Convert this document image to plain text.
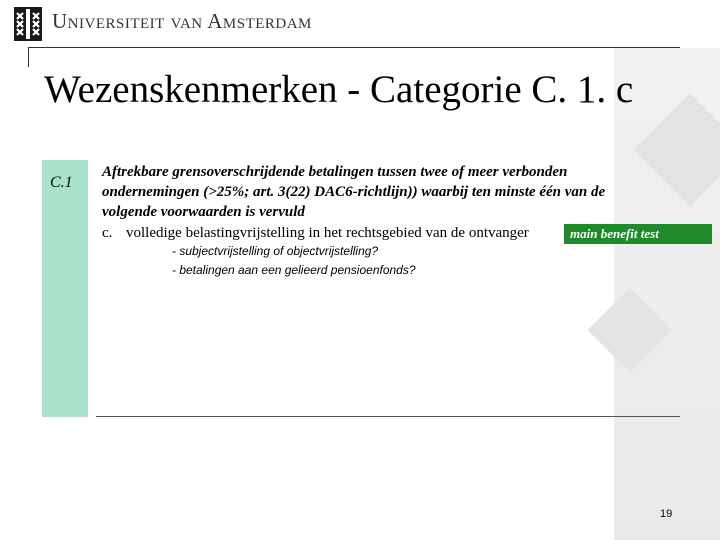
Universiteit van Amsterdam
Wezenskenmerken - Categorie C. 1. c
C.1
Aftrekbare grensoverschrijdende betalingen tussen twee of meer verbonden ondernemingen (>25%; art. 3(22) DAC6-richtlijn)) waarbij ten minste één van de volgende voorwaarden is vervuld
c. volledige belastingvrijstelling in het rechtsgebied van de ontvanger	main benefit test
- subjectvrijstelling of objectvrijstelling?
- betalingen aan een gelieerd pensioenfonds?
19
